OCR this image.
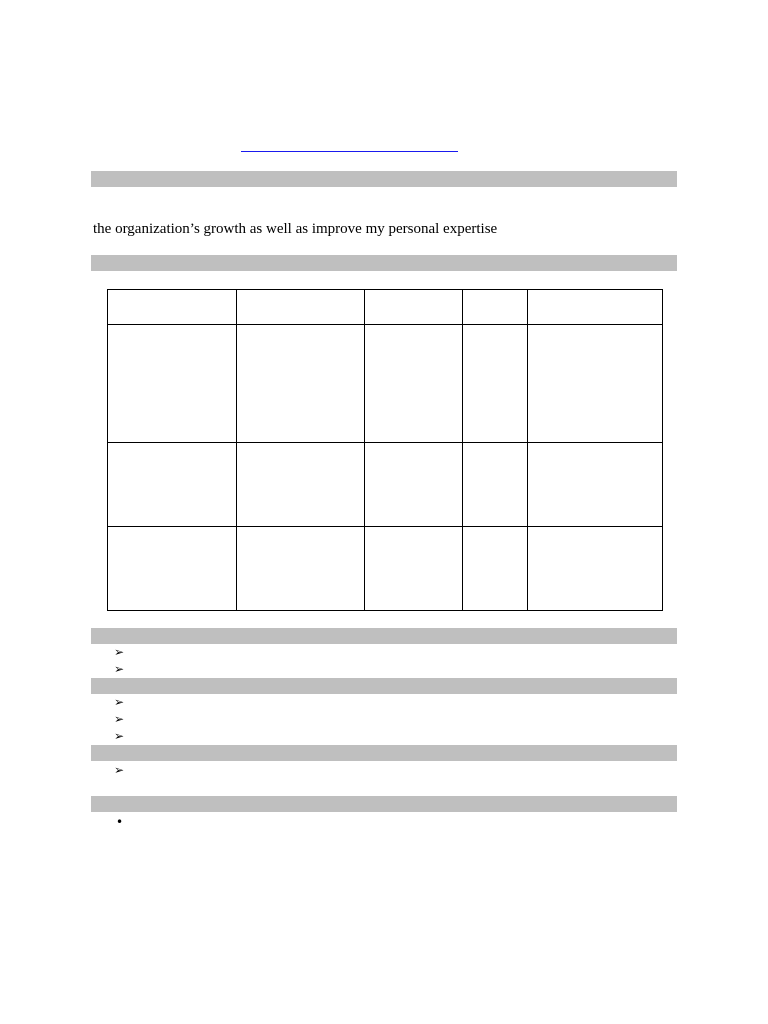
the organization’s growth as well as improve my personal expertise

➢
➢
➢
➢
➢
➢
•
